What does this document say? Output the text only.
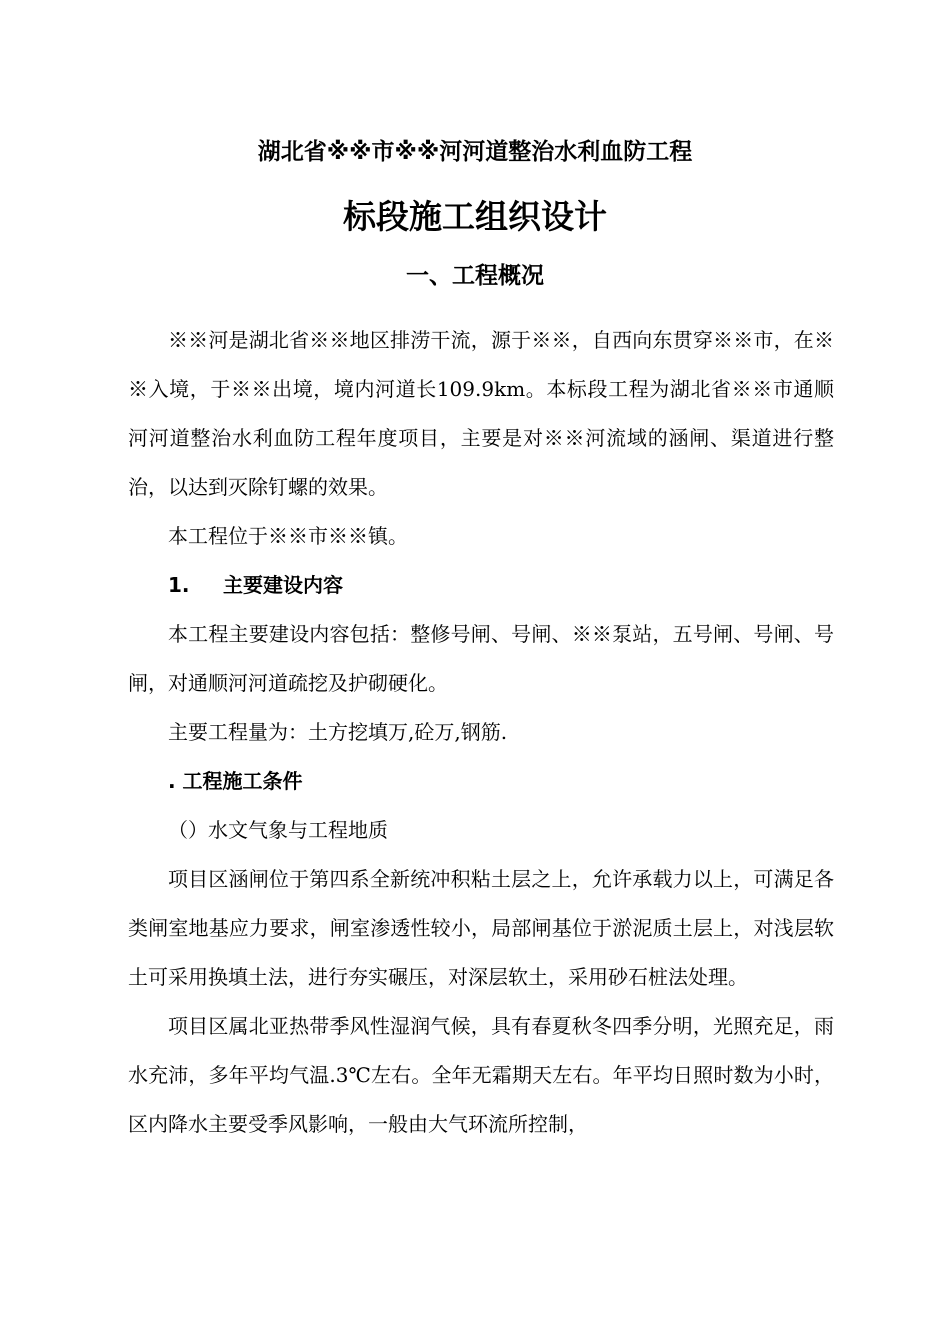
湖北省※※市※※河河道整治水利血防工程
标段施工组织设计
一、工程概况

※※河是湖北省※※地区排涝干流，源于※※，自西向东贯穿※※市，在※※入境，于※※出境，境内河道长109.9km。本标段工程为湖北省※※市通顺河河道整治水利血防工程年度项目，主要是对※※河流域的涵闸、渠道进行整治，以达到灭除钉螺的效果。

本工程位于※※市※※镇。

1. 主要建设内容

本工程主要建设内容包括：整修号闸、号闸、※※泵站，五号闸、号闸、号闸，对通顺河河道疏挖及护砌硬化。

主要工程量为：土方挖填万,砼万,钢筋.

. 工程施工条件

（）水文气象与工程地质

项目区涵闸位于第四系全新统冲积粘土层之上，允许承载力以上，可满足各类闸室地基应力要求，闸室渗透性较小，局部闸基位于淤泥质土层上，对浅层软土可采用换填土法，进行夯实碾压，对深层软土，采用砂石桩法处理。

项目区属北亚热带季风性湿润气候，具有春夏秋冬四季分明，光照充足，雨水充沛，多年平均气温.3℃左右。全年无霜期天左右。年平均日照时数为小时，区内降水主要受季风影响，一般由大气环流所控制，
